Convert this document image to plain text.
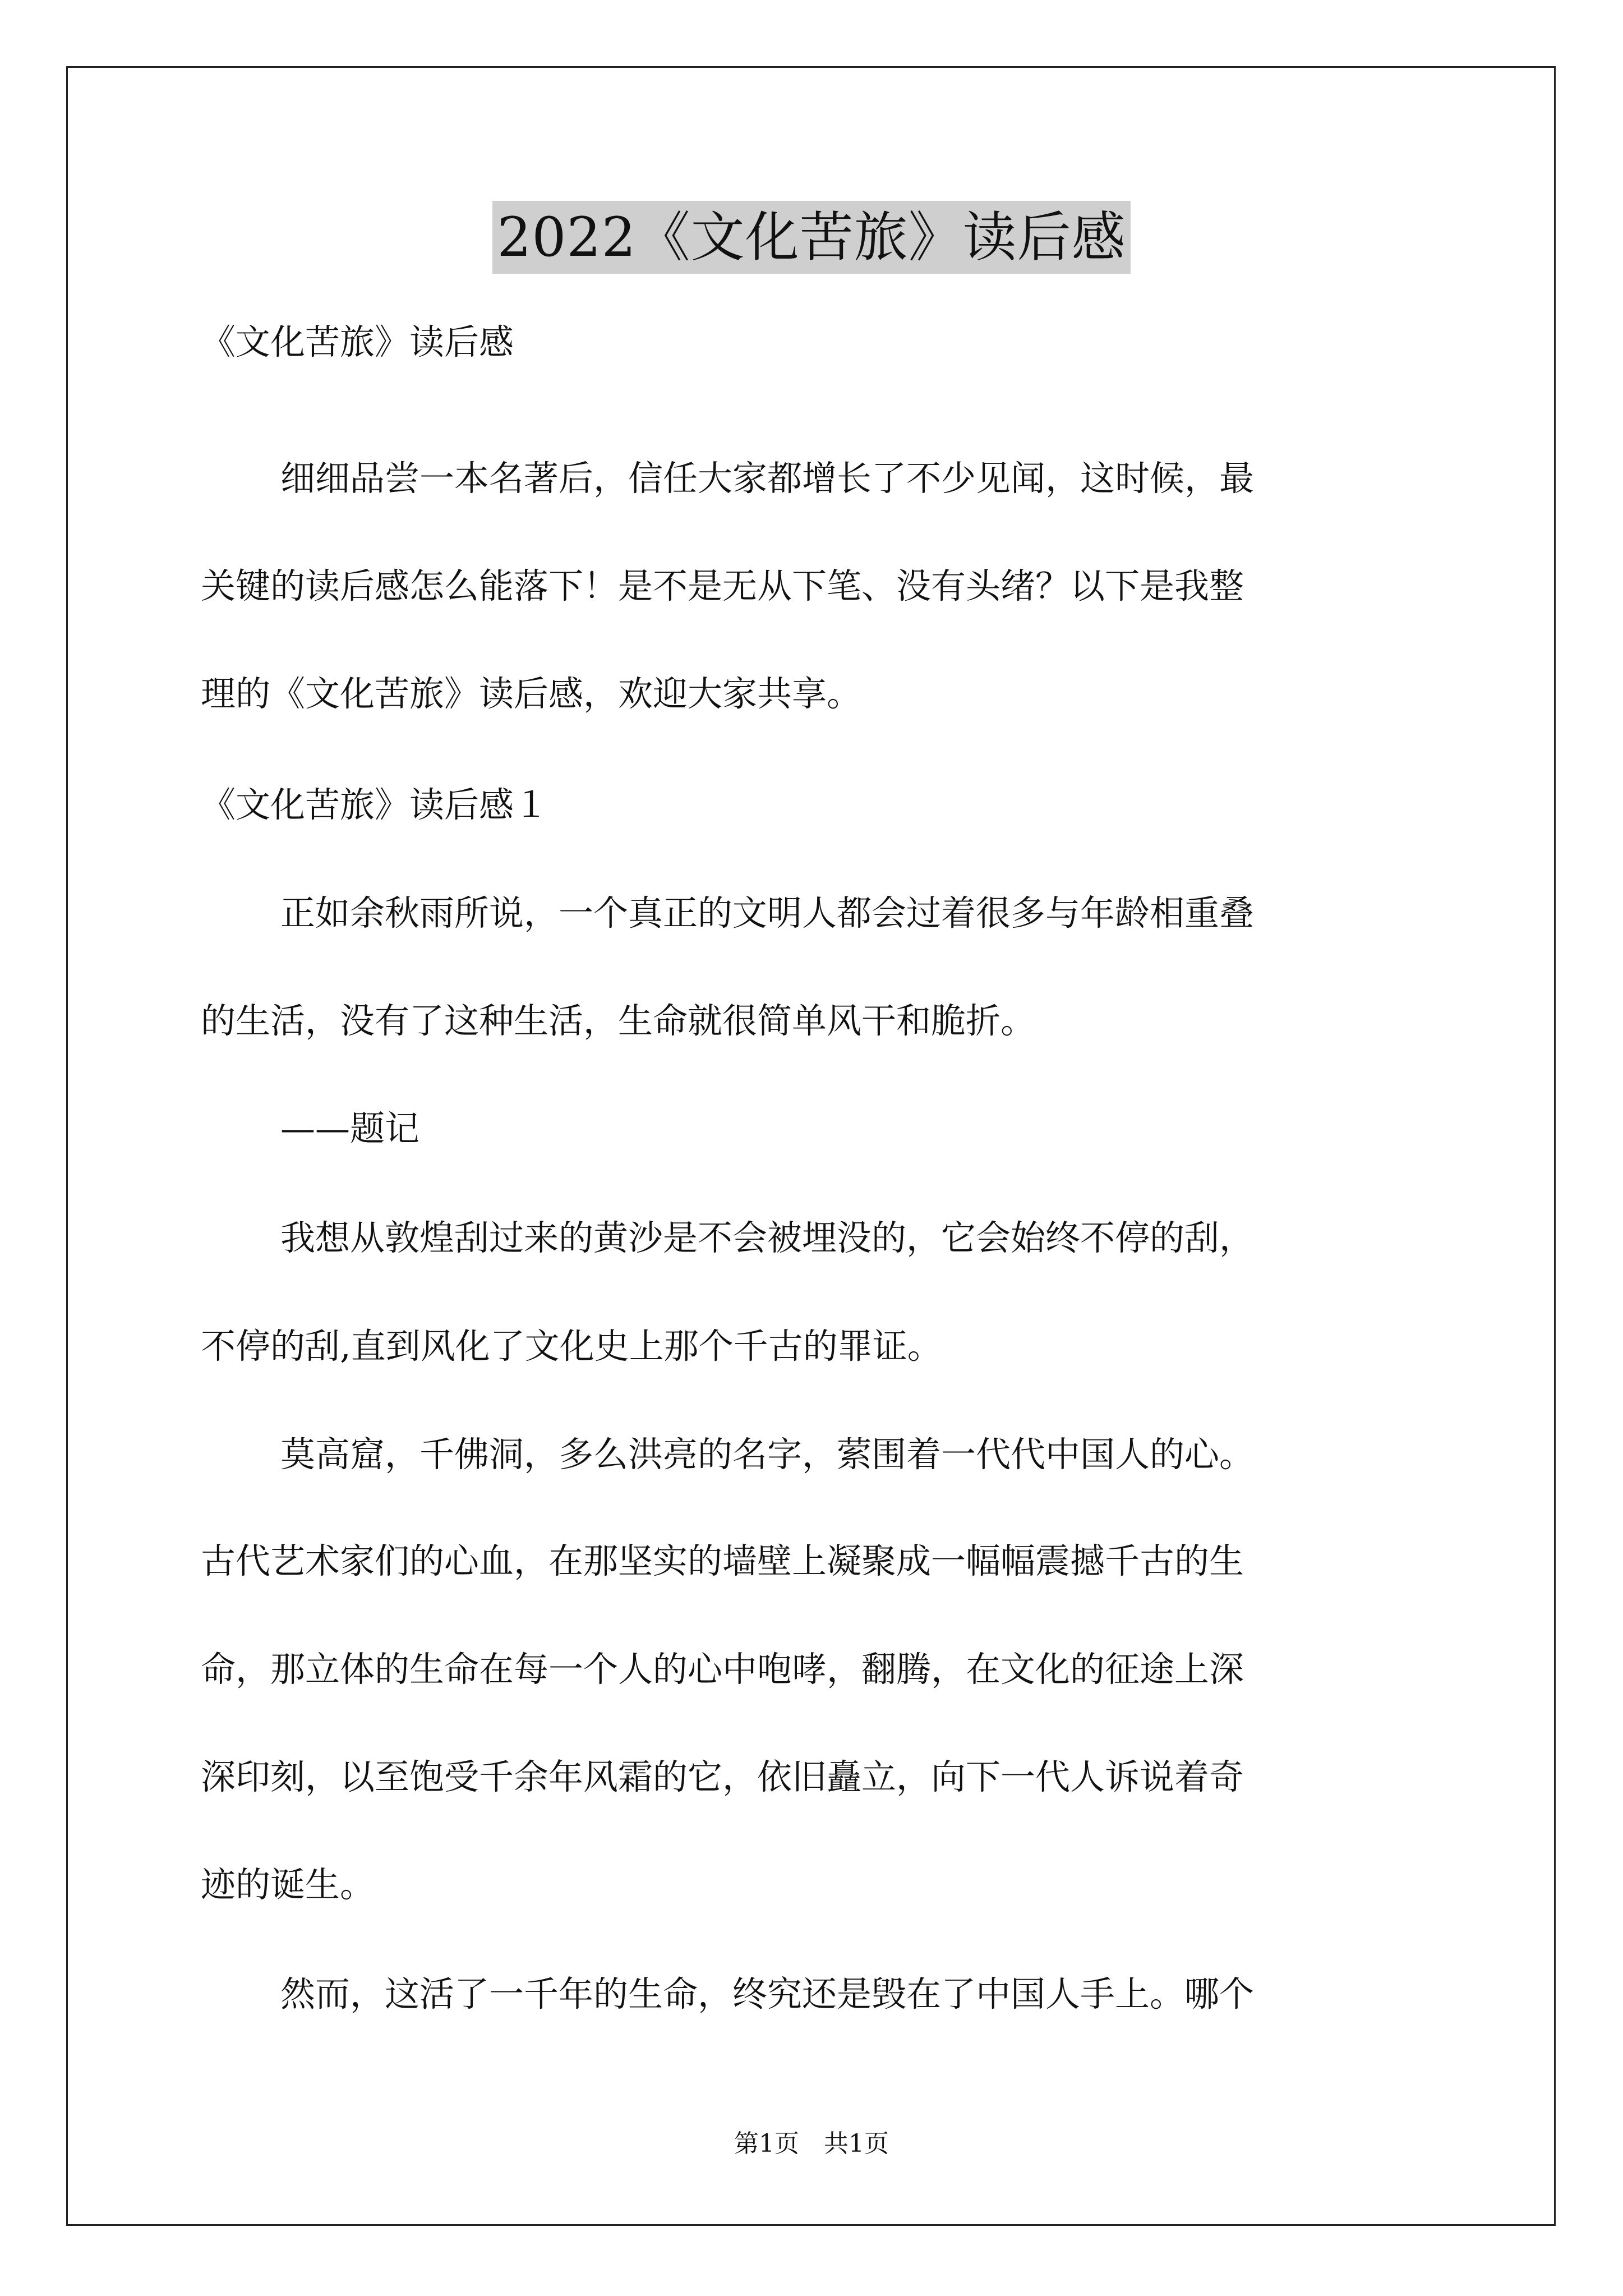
2022《文化苦旅》读后感
《文化苦旅》读后感
细细品尝一本名著后，信任大家都增长了不少见闻，这时候，最
关键的读后感怎么能落下！是不是无从下笔、没有头绪？以下是我整
理的《文化苦旅》读后感，欢迎大家共享。
《文化苦旅》读后感１
正如余秋雨所说，一个真正的文明人都会过着很多与年龄相重叠
的生活，没有了这种生活，生命就很简单风干和脆折。
——题记
我想从敦煌刮过来的黄沙是不会被埋没的，它会始终不停的刮，
不停的刮,直到风化了文化史上那个千古的罪证。
莫高窟，千佛洞，多么洪亮的名字，萦围着一代代中国人的心。
古代艺术家们的心血，在那坚实的墙壁上凝聚成一幅幅震撼千古的生
命，那立体的生命在每一个人的心中咆哮，翻腾，在文化的征途上深
深印刻，以至饱受千余年风霜的它，依旧矗立，向下一代人诉说着奇
迹的诞生。
然而，这活了一千年的生命，终究还是毁在了中国人手上。哪个
第1页　共1页
